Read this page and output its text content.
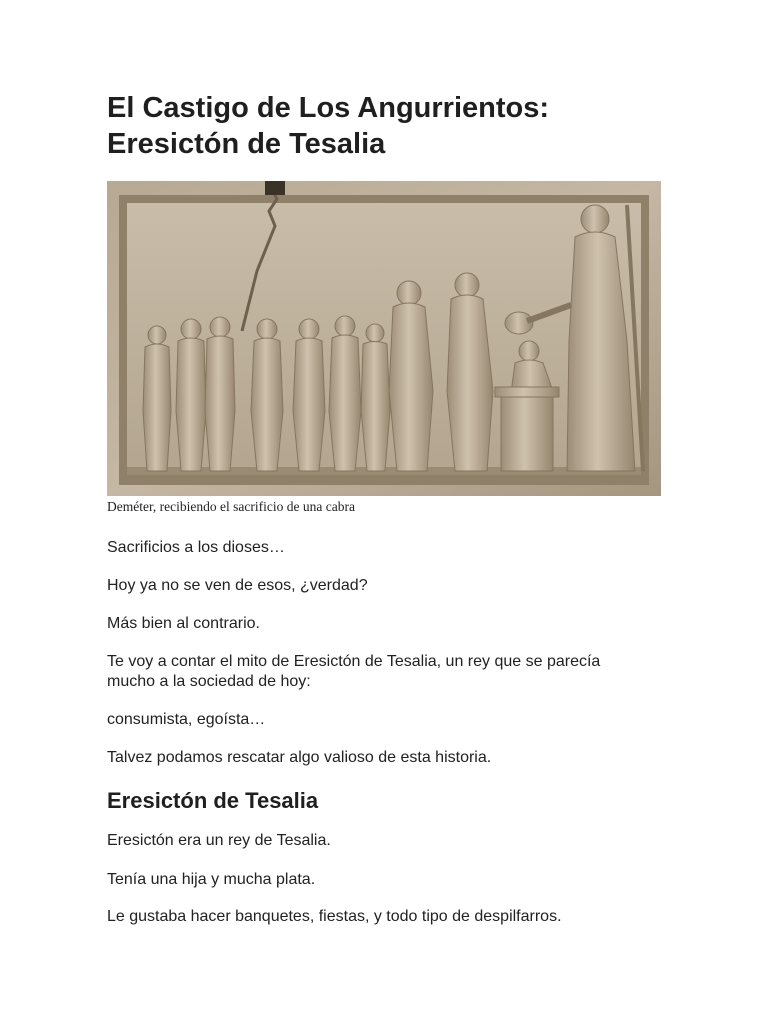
El Castigo de Los Angurrientos:
Eresictón de Tesalia
Deméter, recibiendo el sacrificio de una cabra

Sacrificios a los dioses…

Hoy ya no se ven de esos, ¿verdad?

Más bien al contrario.

Te voy a contar el mito de Eresictón de Tesalia, un rey que se parecía mucho a la sociedad de hoy:

consumista, egoísta…

Talvez podamos rescatar algo valioso de esta historia.

Eresictón de Tesalia

Eresictón era un rey de Tesalia.

Tenía una hija y mucha plata.

Le gustaba hacer banquetes, fiestas, y todo tipo de despilfarros.
